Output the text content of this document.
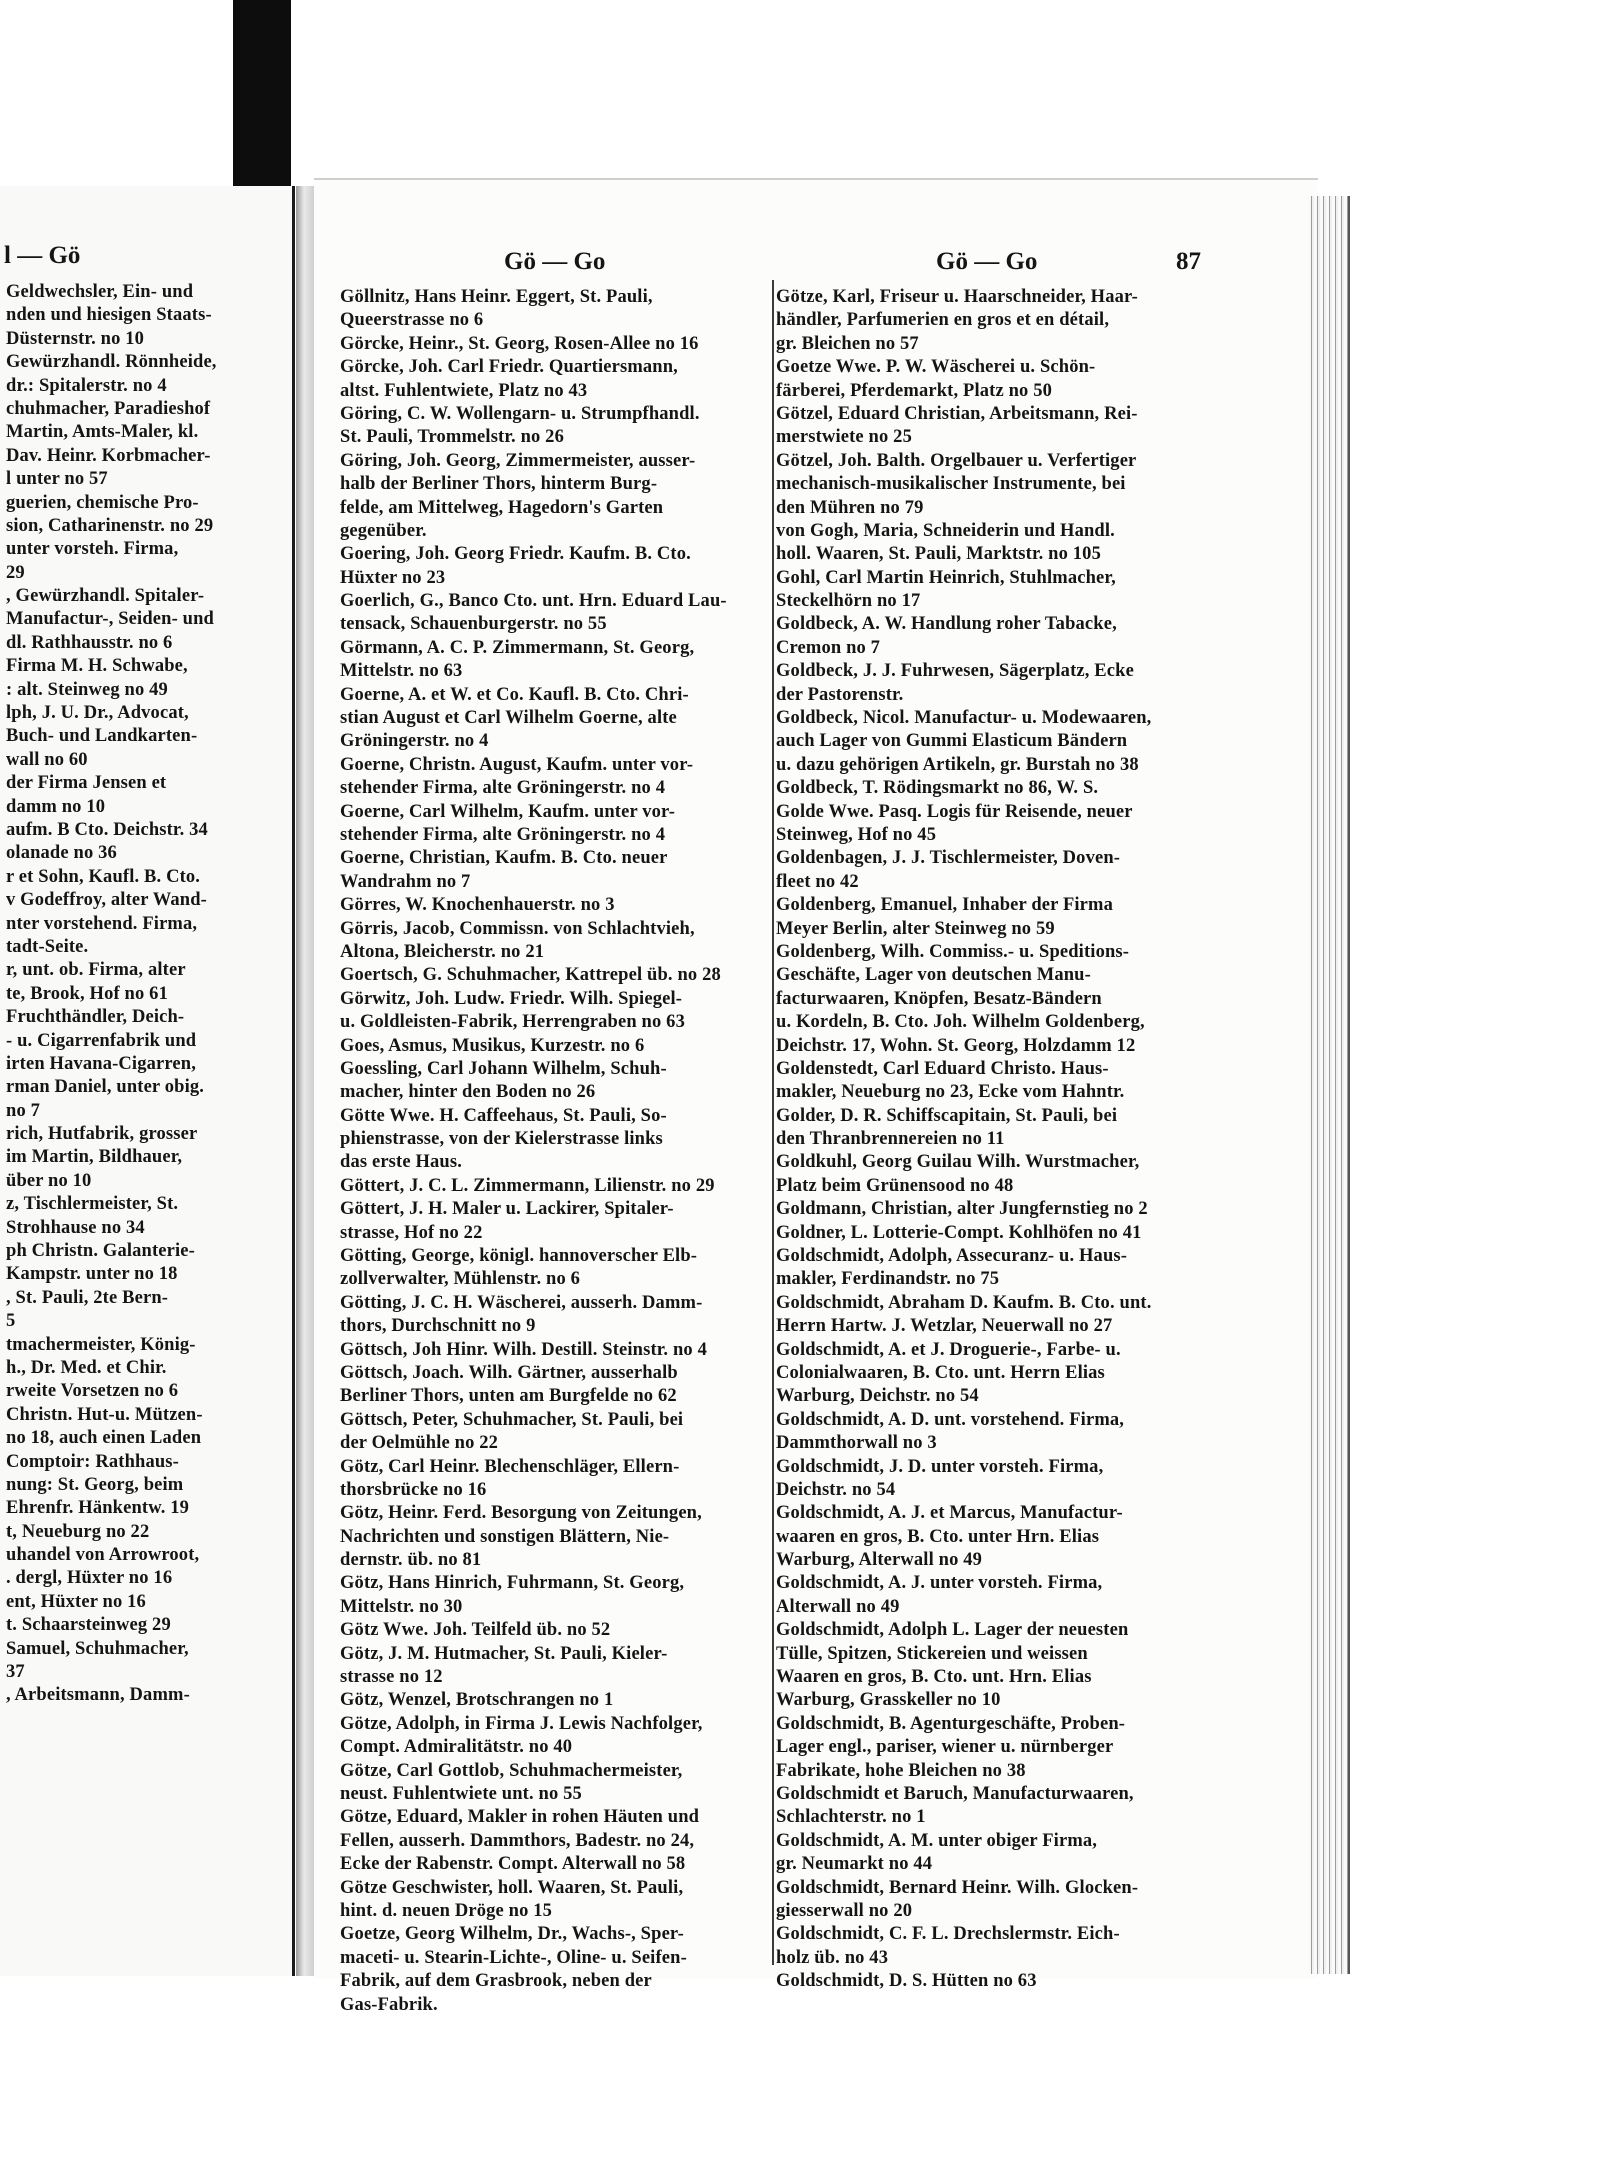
l — Gö
Geldwechsler, Ein- und
nden und hiesigen Staats-
Düsternstr. no 10
Gewürzhandl. Rönnheide,
dr.: Spitalerstr. no 4
chuhmacher, Paradieshof
Martin, Amts-Maler, kl.
Dav. Heinr. Korbmacher-
l unter no 57
guerien, chemische Pro-
sion, Catharinenstr. no 29
unter vorsteh. Firma,
29
, Gewürzhandl. Spitaler-
Manufactur-, Seiden- und
dl. Rathhausstr. no 6
Firma M. H. Schwabe,
: alt. Steinweg no 49
lph, J. U. Dr., Advocat,
Buch- und Landkarten-
wall no 60
der Firma Jensen et
damm no 10
aufm. B Cto. Deichstr. 34
olanade no 36
r et Sohn, Kaufl. B. Cto.
v Godeffroy, alter Wand-
nter vorstehend. Firma,
tadt-Seite.
r, unt. ob. Firma, alter
te, Brook, Hof no 61
Fruchthändler, Deich-
- u. Cigarrenfabrik und
irten Havana-Cigarren,
rman Daniel, unter obig.
no 7
rich, Hutfabrik, grosser
im Martin, Bildhauer,
über no 10
z, Tischlermeister, St.
Strohhause no 34
ph Christn. Galanterie-
Kampstr. unter no 18
, St. Pauli, 2te Bern-
5
tmachermeister, König-
h., Dr. Med. et Chir.
rweite Vorsetzen no 6
Christn. Hut-u. Mützen-
no 18, auch einen Laden
Comptoir: Rathhaus-
nung: St. Georg, beim
Ehrenfr. Hänkentw. 19
t, Neueburg no 22
uhandel von Arrowroot,
. dergl, Hüxter no 16
ent, Hüxter no 16
t. Schaarsteinweg 29
Samuel, Schuhmacher,
37
, Arbeitsmann, Damm-
Gö — Go	Gö — Go	87
Göllnitz, Hans Heinr. Eggert, St. Pauli,
Queerstrasse no 6
Görcke, Heinr., St. Georg, Rosen-Allee no 16
Görcke, Joh. Carl Friedr. Quartiersmann,
altst. Fuhlentwiete, Platz no 43
Göring, C. W. Wollengarn- u. Strumpfhandl.
St. Pauli, Trommelstr. no 26
Göring, Joh. Georg, Zimmermeister, ausser-
halb der Berliner Thors, hinterm Burg-
felde, am Mittelweg, Hagedorn's Garten
gegenüber.
Goering, Joh. Georg Friedr. Kaufm. B. Cto.
Hüxter no 23
Goerlich, G., Banco Cto. unt. Hrn. Eduard Lau-
tensack, Schauenburgerstr. no 55
Görmann, A. C. P. Zimmermann, St. Georg,
Mittelstr. no 63
Goerne, A. et W. et Co. Kaufl. B. Cto. Chri-
stian August et Carl Wilhelm Goerne, alte
Gröningerstr. no 4
Goerne, Christn. August, Kaufm. unter vor-
stehender Firma, alte Gröningerstr. no 4
Goerne, Carl Wilhelm, Kaufm. unter vor-
stehender Firma, alte Gröningerstr. no 4
Goerne, Christian, Kaufm. B. Cto. neuer
Wandrahm no 7
Görres, W. Knochenhauerstr. no 3
Görris, Jacob, Commissn. von Schlachtvieh,
Altona, Bleicherstr. no 21
Goertsch, G. Schuhmacher, Kattrepel üb. no 28
Görwitz, Joh. Ludw. Friedr. Wilh. Spiegel-
u. Goldleisten-Fabrik, Herrengraben no 63
Goes, Asmus, Musikus, Kurzestr. no 6
Goessling, Carl Johann Wilhelm, Schuh-
macher, hinter den Boden no 26
Götte Wwe. H. Caffeehaus, St. Pauli, So-
phienstrasse, von der Kielerstrasse links
das erste Haus.
Göttert, J. C. L. Zimmermann, Lilienstr. no 29
Göttert, J. H. Maler u. Lackirer, Spitaler-
strasse, Hof no 22
Götting, George, königl. hannoverscher Elb-
zollverwalter, Mühlenstr. no 6
Götting, J. C. H. Wäscherei, ausserh. Damm-
thors, Durchschnitt no 9
Göttsch, Joh Hinr. Wilh. Destill. Steinstr. no 4
Göttsch, Joach. Wilh. Gärtner, ausserhalb
Berliner Thors, unten am Burgfelde no 62
Göttsch, Peter, Schuhmacher, St. Pauli, bei
der Oelmühle no 22
Götz, Carl Heinr. Blechenschläger, Ellern-
thorsbrücke no 16
Götz, Heinr. Ferd. Besorgung von Zeitungen,
Nachrichten und sonstigen Blättern, Nie-
dernstr. üb. no 81
Götz, Hans Hinrich, Fuhrmann, St. Georg,
Mittelstr. no 30
Götz Wwe. Joh. Teilfeld üb. no 52
Götz, J. M. Hutmacher, St. Pauli, Kieler-
strasse no 12
Götz, Wenzel, Brotschrangen no 1
Götze, Adolph, in Firma J. Lewis Nachfolger,
Compt. Admiralitätstr. no 40
Götze, Carl Gottlob, Schuhmachermeister,
neust. Fuhlentwiete unt. no 55
Götze, Eduard, Makler in rohen Häuten und
Fellen, ausserh. Dammthors, Badestr. no 24,
Ecke der Rabenstr. Compt. Alterwall no 58
Götze Geschwister, holl. Waaren, St. Pauli,
hint. d. neuen Dröge no 15
Goetze, Georg Wilhelm, Dr., Wachs-, Sper-
maceti- u. Stearin-Lichte-, Oline- u. Seifen-
Fabrik, auf dem Grasbrook, neben der
Gas-Fabrik.
Götze, Karl, Friseur u. Haarschneider, Haar-
händler, Parfumerien en gros et en détail,
gr. Bleichen no 57
Goetze Wwe. P. W. Wäscherei u. Schön-
färberei, Pferdemarkt, Platz no 50
Götzel, Eduard Christian, Arbeitsmann, Rei-
merstwiete no 25
Götzel, Joh. Balth. Orgelbauer u. Verfertiger
mechanisch-musikalischer Instrumente, bei
den Mühren no 79
von Gogh, Maria, Schneiderin und Handl.
holl. Waaren, St. Pauli, Marktstr. no 105
Gohl, Carl Martin Heinrich, Stuhlmacher,
Steckelhörn no 17
Goldbeck, A. W. Handlung roher Tabacke,
Cremon no 7
Goldbeck, J. J. Fuhrwesen, Sägerplatz, Ecke
der Pastorenstr.
Goldbeck, Nicol. Manufactur- u. Modewaaren,
auch Lager von Gummi Elasticum Bändern
u. dazu gehörigen Artikeln, gr. Burstah no 38
Goldbeck, T. Rödingsmarkt no 86, W. S.
Golde Wwe. Pasq. Logis für Reisende, neuer
Steinweg, Hof no 45
Goldenbagen, J. J. Tischlermeister, Doven-
fleet no 42
Goldenberg, Emanuel, Inhaber der Firma
Meyer Berlin, alter Steinweg no 59
Goldenberg, Wilh. Commiss.- u. Speditions-
Geschäfte, Lager von deutschen Manu-
facturwaaren, Knöpfen, Besatz-Bändern
u. Kordeln, B. Cto. Joh. Wilhelm Goldenberg,
Deichstr. 17, Wohn. St. Georg, Holzdamm 12
Goldenstedt, Carl Eduard Christo. Haus-
makler, Neueburg no 23, Ecke vom Hahntr.
Golder, D. R. Schiffscapitain, St. Pauli, bei
den Thranbrennereien no 11
Goldkuhl, Georg Guilau Wilh. Wurstmacher,
Platz beim Grünensood no 48
Goldmann, Christian, alter Jungfernstieg no 2
Goldner, L. Lotterie-Compt. Kohlhöfen no 41
Goldschmidt, Adolph, Assecuranz- u. Haus-
makler, Ferdinandstr. no 75
Goldschmidt, Abraham D. Kaufm. B. Cto. unt.
Herrn Hartw. J. Wetzlar, Neuerwall no 27
Goldschmidt, A. et J. Droguerie-, Farbe- u.
Colonialwaaren, B. Cto. unt. Herrn Elias
Warburg, Deichstr. no 54
Goldschmidt, A. D. unt. vorstehend. Firma,
Dammthorwall no 3
Goldschmidt, J. D. unter vorsteh. Firma,
Deichstr. no 54
Goldschmidt, A. J. et Marcus, Manufactur-
waaren en gros, B. Cto. unter Hrn. Elias
Warburg, Alterwall no 49
Goldschmidt, A. J. unter vorsteh. Firma,
Alterwall no 49
Goldschmidt, Adolph L. Lager der neuesten
Tülle, Spitzen, Stickereien und weissen
Waaren en gros, B. Cto. unt. Hrn. Elias
Warburg, Grasskeller no 10
Goldschmidt, B. Agenturgeschäfte, Proben-
Lager engl., pariser, wiener u. nürnberger
Fabrikate, hohe Bleichen no 38
Goldschmidt et Baruch, Manufacturwaaren,
Schlachterstr. no 1
Goldschmidt, A. M. unter obiger Firma,
gr. Neumarkt no 44
Goldschmidt, Bernard Heinr. Wilh. Glocken-
giesserwall no 20
Goldschmidt, C. F. L. Drechslermstr. Eich-
holz üb. no 43
Goldschmidt, D. S. Hütten no 63
